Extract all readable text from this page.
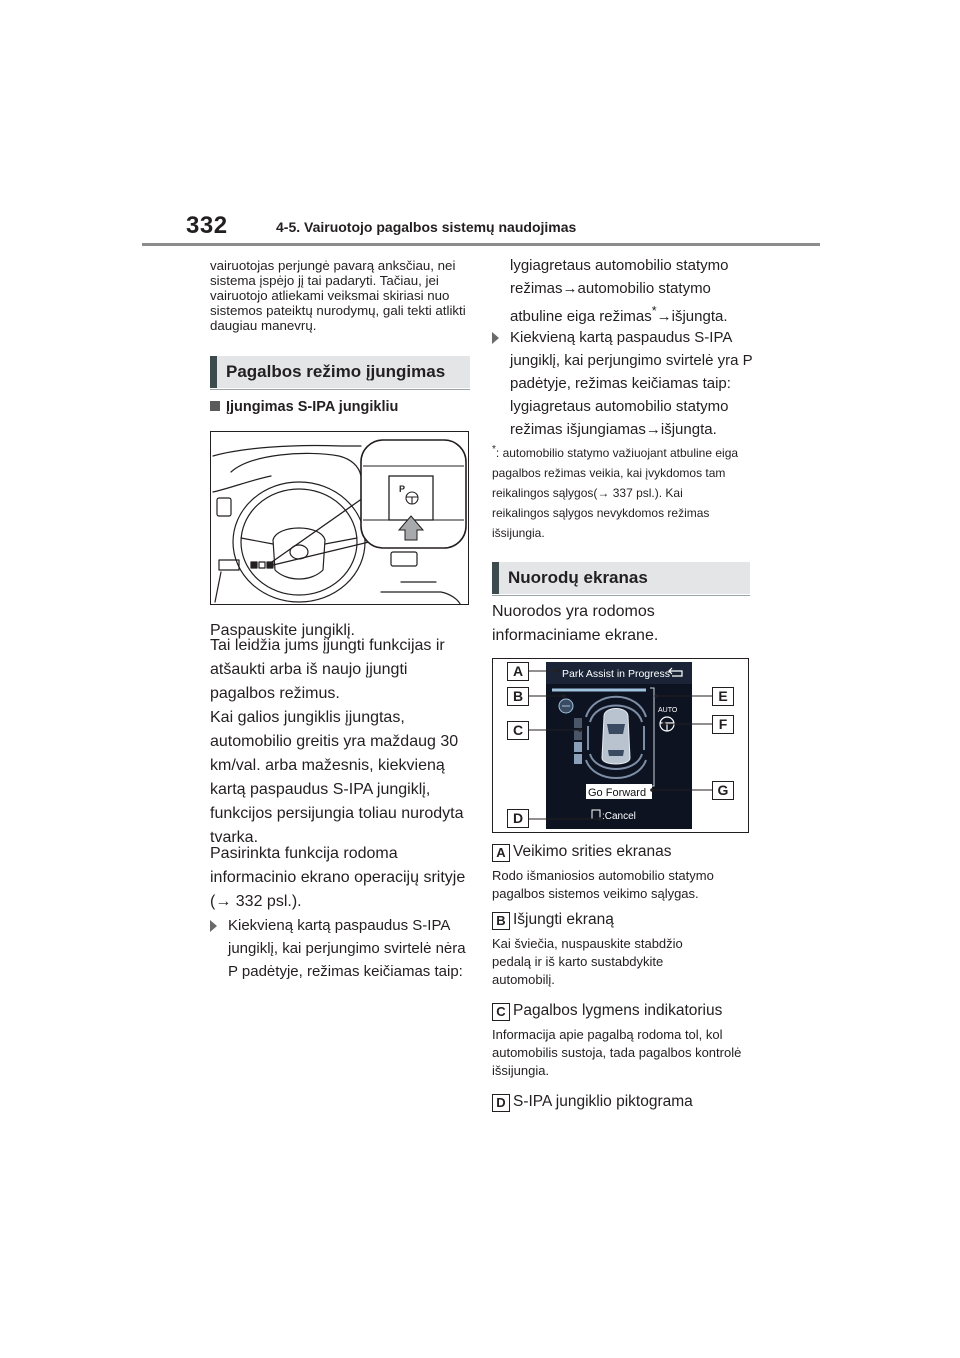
332	4-5. Vairuotojo pagalbos sistemų naudojimas
vairuotojas perjungė pavarą anksčiau, nei sistema įspėjo jį tai padaryti. Tačiau, jei vairuotojo atliekami veiksmai skiriasi nuo sistemos pateiktų nurodymų, gali tekti atlikti daugiau manevrų.
Pagalbos režimo įjungimas
Įjungimas S-IPA jungikliu
P
Paspauskite jungiklį.
Tai leidžia jums įjungti funkcijas ir atšaukti arba iš naujo įjungti pagalbos režimus.
Kai galios jungiklis įjungtas, automobilio greitis yra maždaug 30 km/val. arba mažesnis, kiekvieną kartą paspaudus S-IPA jungiklį, funkcijos persijungia toliau nurodyta tvarka.
Pasirinkta funkcija rodoma informacinio ekrano operacijų srityje (→ 332 psl.).
Kiekvieną kartą paspaudus S-IPA jungiklį, kai perjungimo svirtelė nėra P padėtyje, režimas keičiamas taip:
lygiagretaus automobilio statymo
režimas→automobilio statymo
atbuline eiga režimas*→išjungta.
Kiekvieną kartą paspaudus S-IPA jungiklį, kai perjungimo svirtelė yra P padėtyje, režimas keičiamas taip: lygiagretaus automobilio statymo režimas išjungiamas→išjungta.
*: automobilio statymo važiuojant atbuline eiga pagalbos režimas veikia, kai įvykdomos tam reikalingos sąlygos(→ 337 psl.). Kai reikalingos sąlygos nevykdomos režimas išsijungia.
Nuorodų ekranas
Nuorodos yra rodomos informaciniame ekrane.
Park Assist in Progress
AUTO
Go Forward
:Cancel
A
B
C
D
E
F
G
A Veikimo srities ekranas
Rodo išmaniosios automobilio statymo pagalbos sistemos veikimo sąlygas.
B Išjungti ekraną
Kai šviečia, nuspauskite stabdžio pedalą ir iš karto sustabdykite automobilį.
C Pagalbos lygmens indikatorius
Informacija apie pagalbą rodoma tol, kol automobilis sustoja, tada pagalbos kontrolė išsijungia.
D S-IPA jungiklio piktograma
